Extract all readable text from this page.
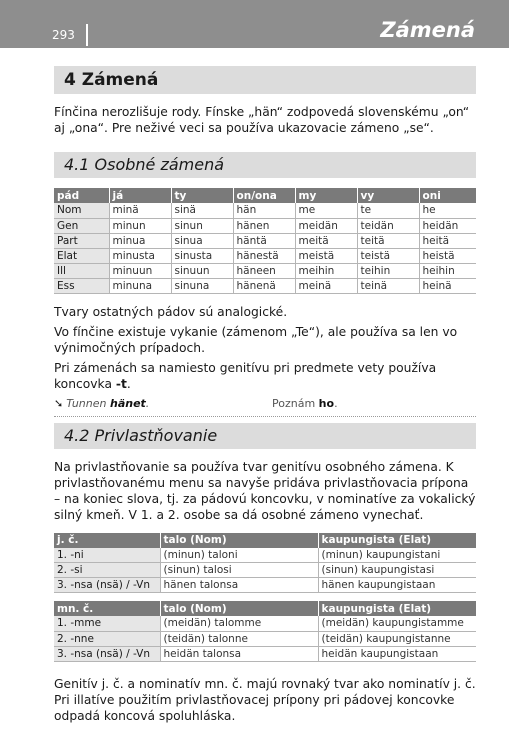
293	Zámená
4 Zámená

Fínčina nerozlišuje rody. Fínske „hän“ zodpovedá slovenskému „on“ aj „ona“. Pre neživé veci sa používa ukazovacie zámeno „se“.

4.1 Osobné zámená
pád	já	ty	on/ona	my	vy	oni
Nom	minä	sinä	hän	me	te	he
Gen	minun	sinun	hänen	meidän	teidän	heidän
Part	minua	sinua	häntä	meitä	teitä	heitä
Elat	minusta	sinusta	hänestä	meistä	teistä	heistä
Ill	minuun	sinuun	häneen	meihin	teihin	heihin
Ess	minuna	sinuna	hänenä	meinä	teinä	heinä

Tvary ostatných pádov sú analogické.

Vo fínčine existuje vykanie (zámenom „Te“), ale používa sa len vo výnimočných prípadoch.

Pri zámenách sa namiesto genitívu pri predmete vety používa koncovka -t.

➘ Tunnen hänet.	Poznám ho.
4.2 Privlastňovanie

Na privlastňovanie sa používa tvar genitívu osobného zámena. K privlastňovanému menu sa navyše pridáva privlastňovacia prípona – na koniec slova, tj. za pádovú koncovku, v nominatíve za vokalický silný kmeň. V 1. a 2. osobe sa dá osobné zámeno vynechať.

j. č.	talo (Nom)	kaupungista (Elat)
1. -ni	(minun) taloni	(minun) kaupungistani
2. -si	(sinun) talosi	(sinun) kaupungistasi
3. -nsa (nsä) / -Vn	hänen talonsa	hänen kaupungistaan
mn. č.	talo (Nom)	kaupungista (Elat)
1. -mme	(meidän) talomme	(meidän) kaupungistamme
2. -nne	(teidän) talonne	(teidän) kaupungistanne
3. -nsa (nsä) / -Vn	heidän talonsa	heidän kaupungistaan

Genitív j. č. a nominatív mn. č. majú rovnaký tvar ako nominatív j. č. Pri illatíve použitím privlastňovacej prípony pri pádovej koncovke odpadá koncová spoluhláska.
